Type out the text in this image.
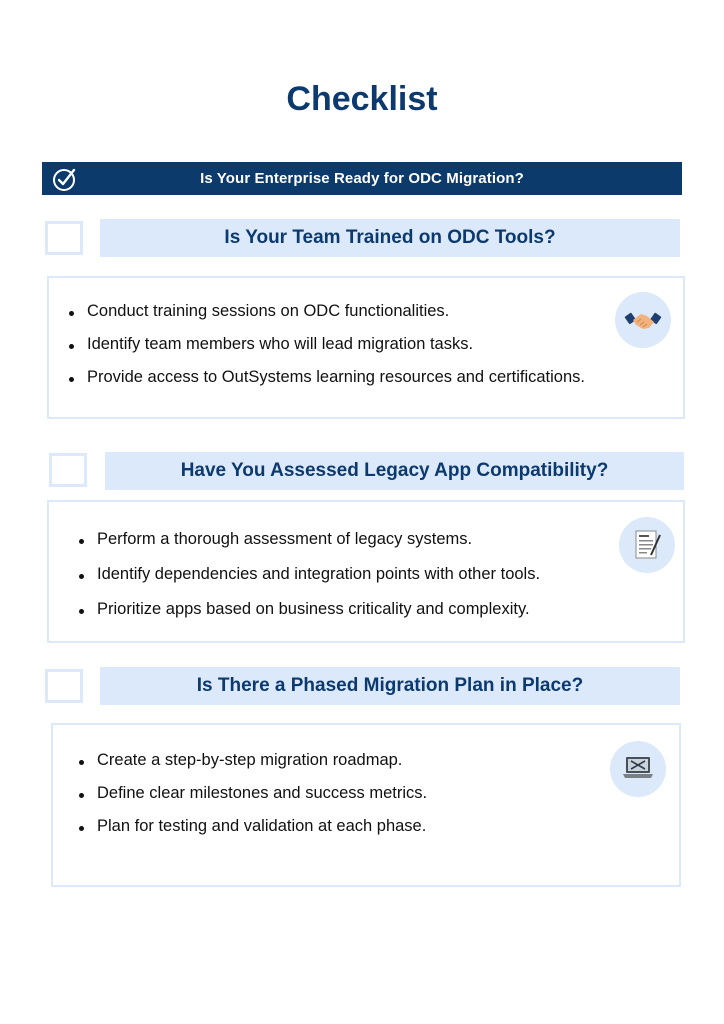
Checklist
Is Your Enterprise Ready for ODC Migration?
Is Your Team Trained on ODC Tools?
Conduct training sessions on ODC functionalities.
Identify team members who will lead migration tasks.
Provide access to OutSystems learning resources and certifications.
Have You Assessed Legacy App Compatibility?
Perform a thorough assessment of legacy systems.
Identify dependencies and integration points with other tools.
Prioritize apps based on business criticality and complexity.
Is There a Phased Migration Plan in Place?
Create a step-by-step migration roadmap.
Define clear milestones and success metrics.
Plan for testing and validation at each phase.
